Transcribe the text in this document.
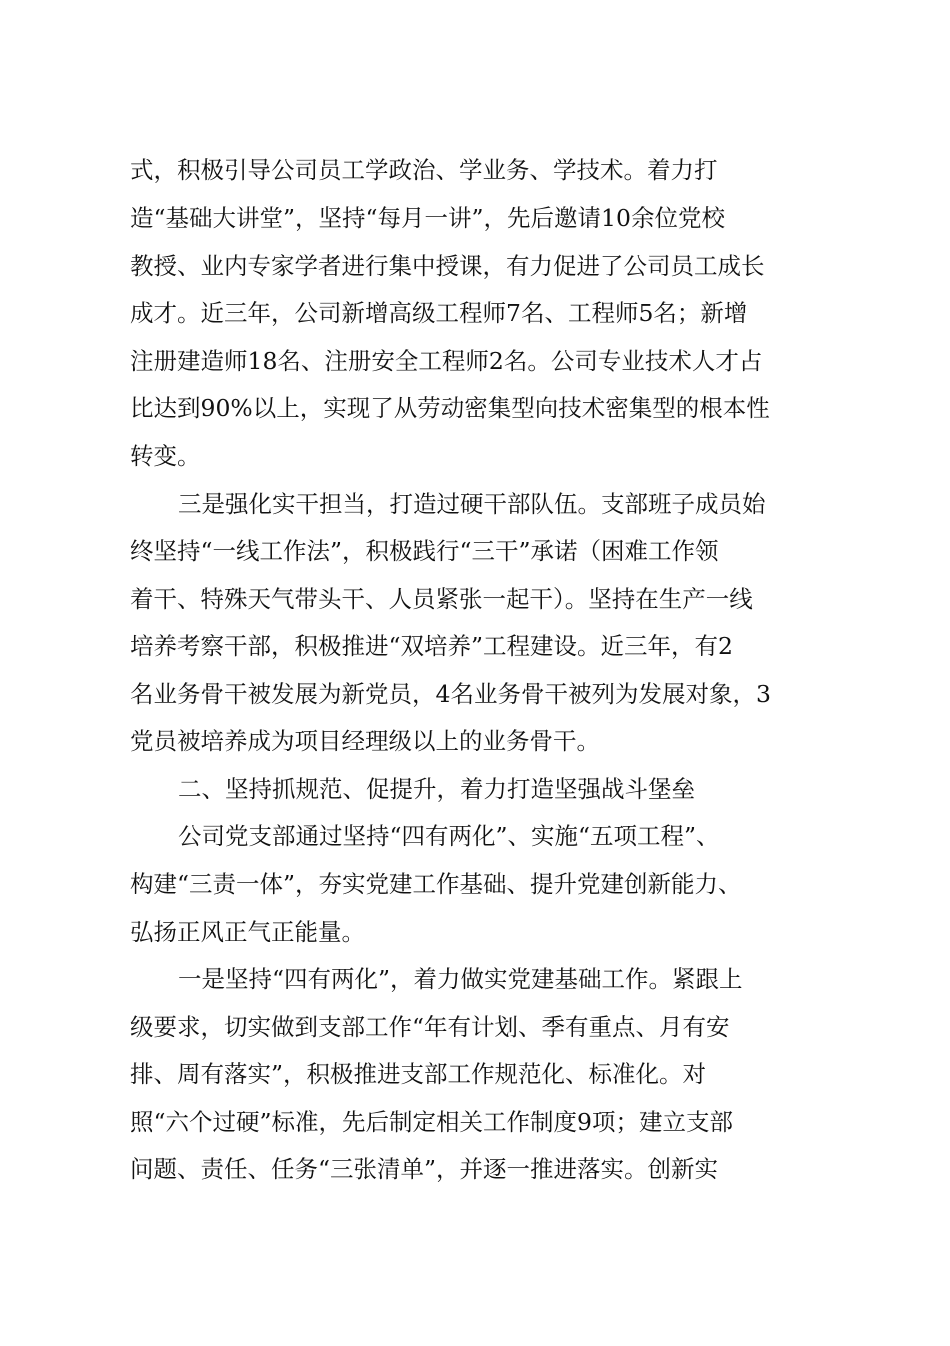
式，积极引导公司员工学政治、学业务、学技术。着力打
造“基础大讲堂”，坚持“每月一讲”，先后邀请10余位党校
教授、业内专家学者进行集中授课，有力促进了公司员工成长
成才。近三年，公司新增高级工程师7名、工程师5名；新增
注册建造师18名、注册安全工程师2名。公司专业技术人才占
比达到90%以上，实现了从劳动密集型向技术密集型的根本性
转变。
三是强化实干担当，打造过硬干部队伍。支部班子成员始
终坚持“一线工作法”，积极践行“三干”承诺（困难工作领
着干、特殊天气带头干、人员紧张一起干）。坚持在生产一线
培养考察干部，积极推进“双培养”工程建设。近三年，有2
名业务骨干被发展为新党员，4名业务骨干被列为发展对象，3
党员被培养成为项目经理级以上的业务骨干。
二、坚持抓规范、促提升，着力打造坚强战斗堡垒
公司党支部通过坚持“四有两化”、实施“五项工程”、
构建“三责一体”，夯实党建工作基础、提升党建创新能力、
弘扬正风正气正能量。
一是坚持“四有两化”，着力做实党建基础工作。紧跟上
级要求，切实做到支部工作“年有计划、季有重点、月有安
排、周有落实”，积极推进支部工作规范化、标准化。对
照“六个过硬”标准，先后制定相关工作制度9项；建立支部
问题、责任、任务“三张清单”，并逐一推进落实。创新实
